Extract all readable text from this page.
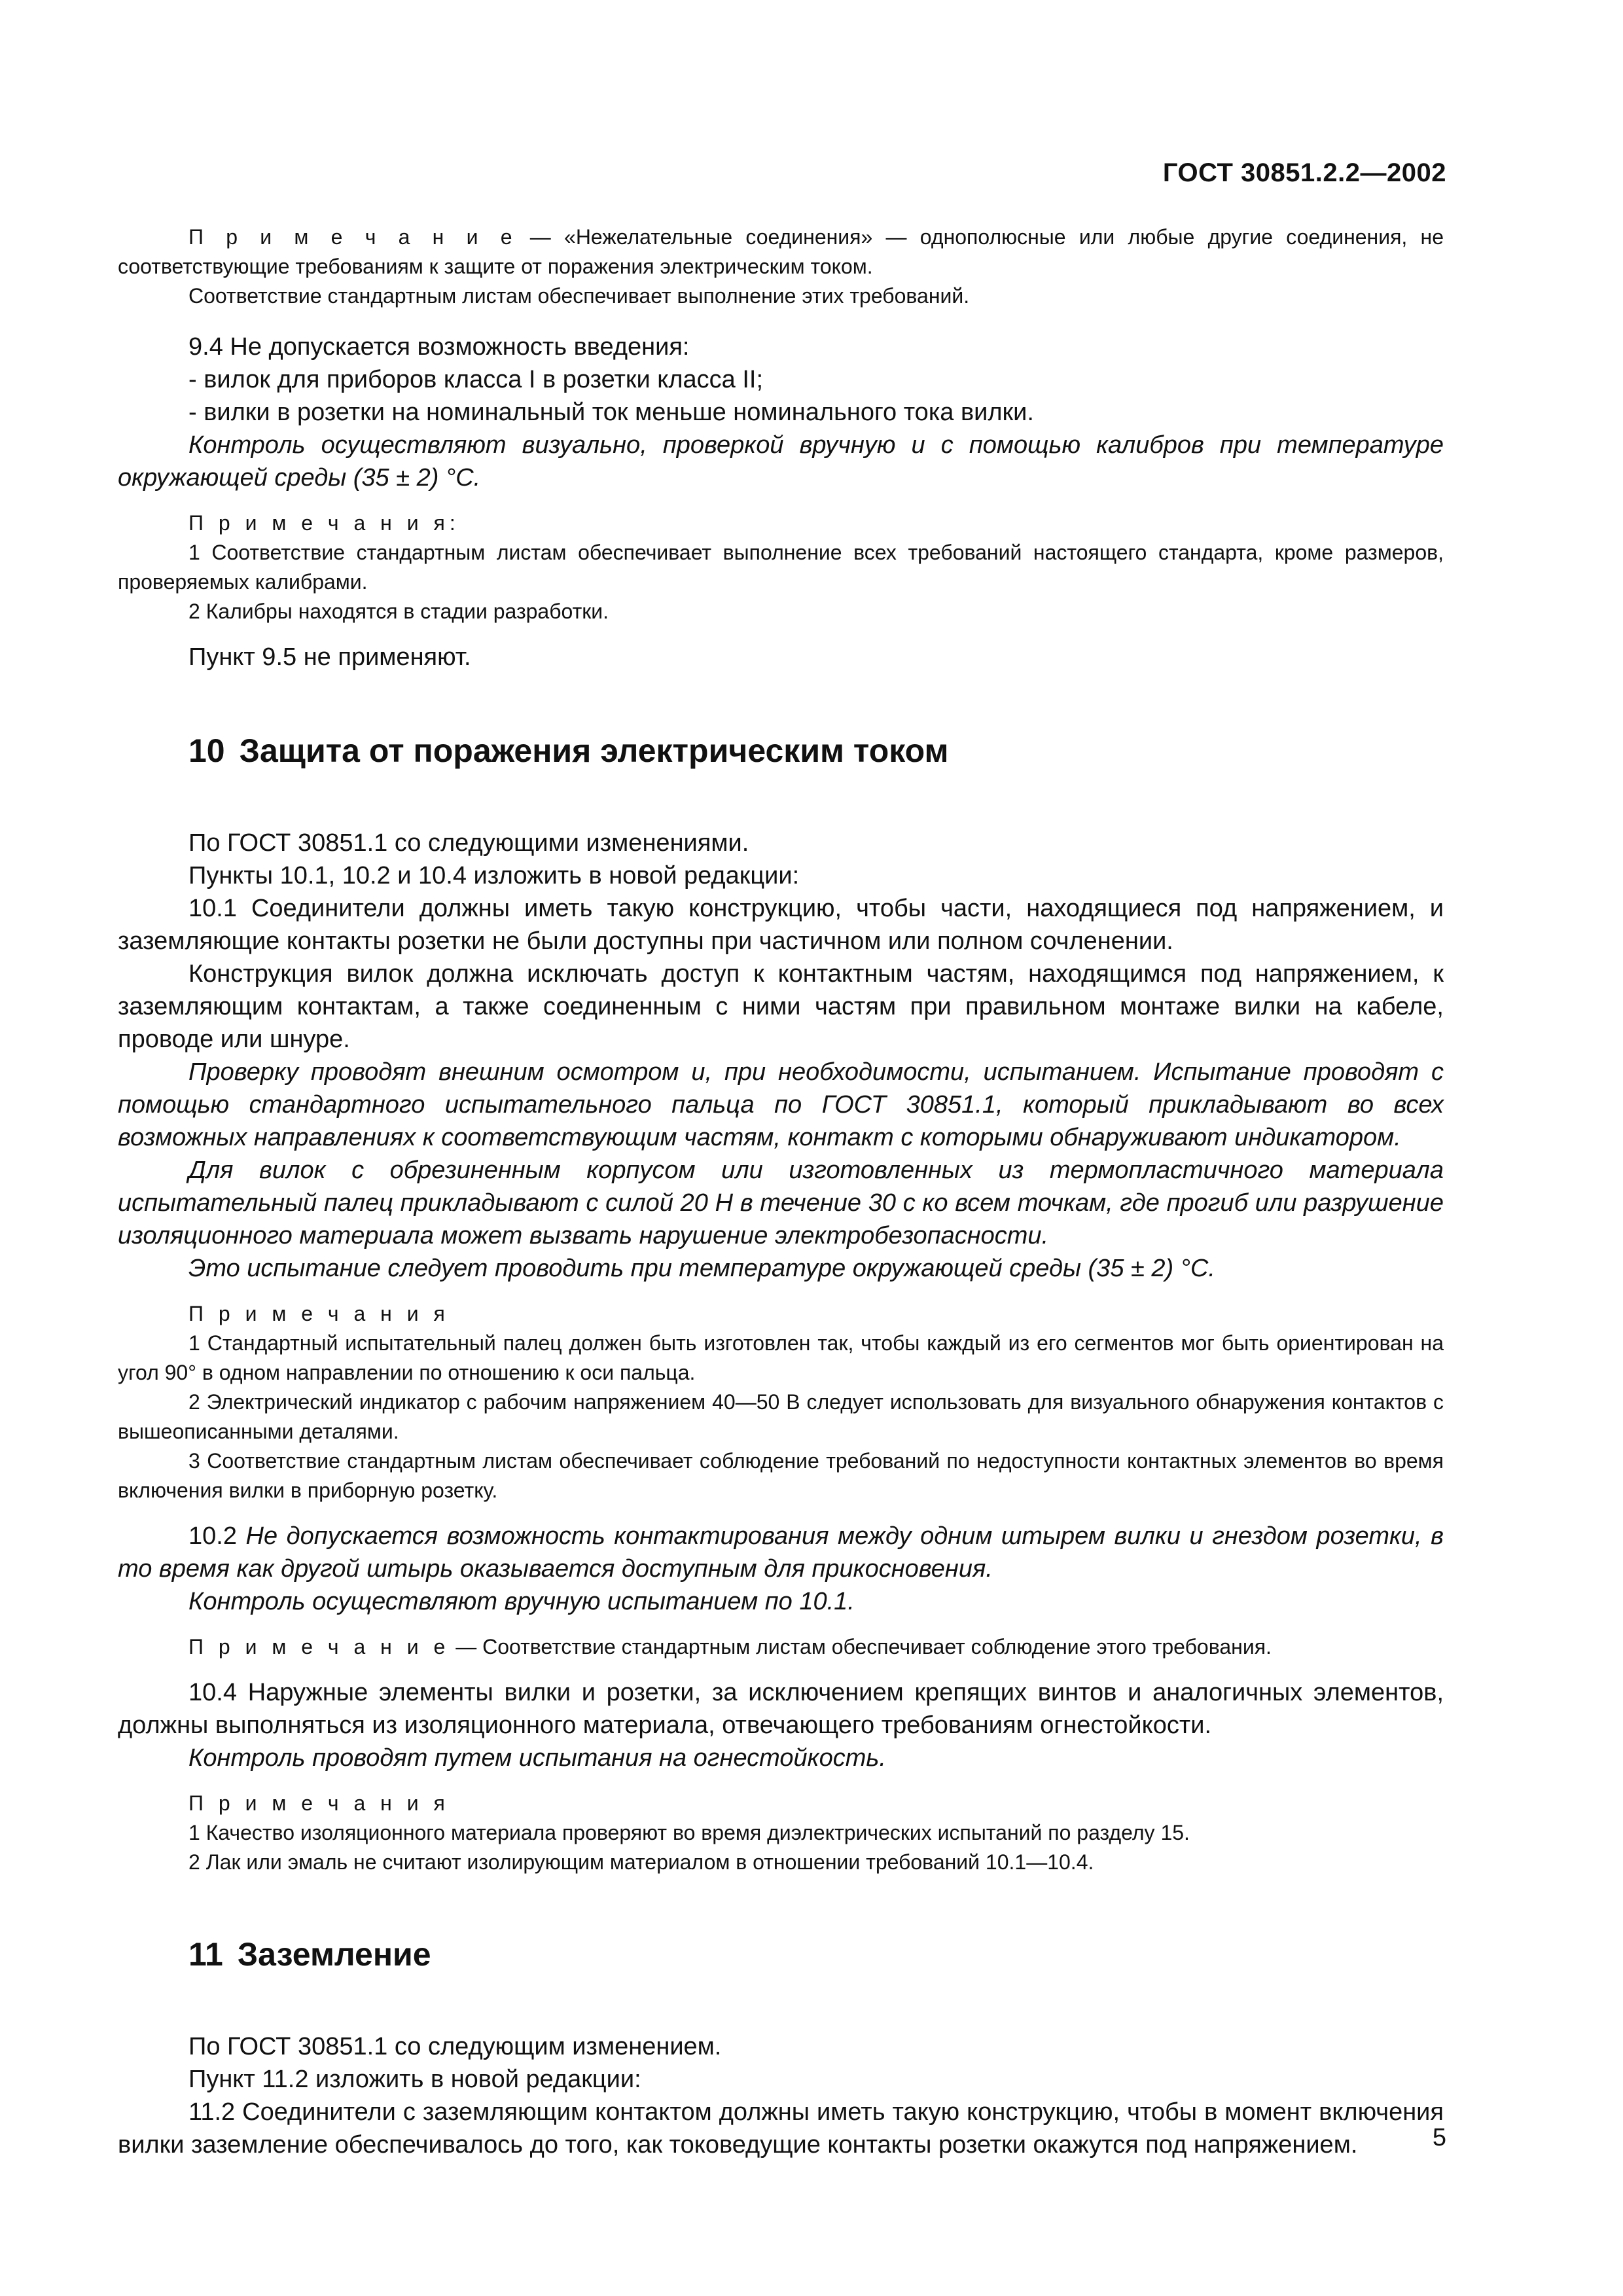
ГОСТ 30851.2.2—2002

П р и м е ч а н и е — «Нежелательные соединения» — однополюсные или любые другие соединения, не соответствующие требованиям к защите от поражения электрическим током.

Соответствие стандартным листам обеспечивает выполнение этих требований.

9.4 Не допускается возможность введения:

- вилок для приборов класса I в розетки класса II;

- вилки в розетки на номинальный ток меньше номинального тока вилки.

Контроль осуществляют визуально, проверкой вручную и с помощью калибров при температуре окружающей среды (35 ± 2) °С.

П р и м е ч а н и я:

1 Соответствие стандартным листам обеспечивает выполнение всех требований настоящего стандарта, кроме размеров, проверяемых калибрами.

2 Калибры находятся в стадии разработки.

Пункт 9.5 не применяют.

10 Защита от поражения электрическим током

По ГОСТ 30851.1 со следующими изменениями.

Пункты 10.1, 10.2 и 10.4 изложить в новой редакции:

10.1 Соединители должны иметь такую конструкцию, чтобы части, находящиеся под напряжением, и заземляющие контакты розетки не были доступны при частичном или полном сочленении.

Конструкция вилок должна исключать доступ к контактным частям, находящимся под напряжением, к заземляющим контактам, а также соединенным с ними частям при правильном монтаже вилки на кабеле, проводе или шнуре.

Проверку проводят внешним осмотром и, при необходимости, испытанием. Испытание проводят с помощью стандартного испытательного пальца по ГОСТ 30851.1, который прикладывают во всех возможных направлениях к соответствующим частям, контакт с которыми обнаруживают индикатором.

Для вилок с обрезиненным корпусом или изготовленных из термопластичного материала испытательный палец прикладывают с силой 20 Н в течение 30 с ко всем точкам, где прогиб или разрушение изоляционного материала может вызвать нарушение электробезопасности.

Это испытание следует проводить при температуре окружающей среды (35 ± 2) °С.

П р и м е ч а н и я

1 Стандартный испытательный палец должен быть изготовлен так, чтобы каждый из его сегментов мог быть ориентирован на угол 90° в одном направлении по отношению к оси пальца.

2 Электрический индикатор с рабочим напряжением 40—50 В следует использовать для визуального обнаружения контактов с вышеописанными деталями.

3 Соответствие стандартным листам обеспечивает соблюдение требований по недоступности контактных элементов во время включения вилки в приборную розетку.

10.2 Не допускается возможность контактирования между одним штырем вилки и гнездом розетки, в то время как другой штырь оказывается доступным для прикосновения.

Контроль осуществляют вручную испытанием по 10.1.

П р и м е ч а н и е — Соответствие стандартным листам обеспечивает соблюдение этого требования.

10.4 Наружные элементы вилки и розетки, за исключением крепящих винтов и аналогичных элементов, должны выполняться из изоляционного материала, отвечающего требованиям огнестойкости.

Контроль проводят путем испытания на огнестойкость.

П р и м е ч а н и я

1 Качество изоляционного материала проверяют во время диэлектрических испытаний по разделу 15.

2 Лак или эмаль не считают изолирующим материалом в отношении требований 10.1—10.4.

11 Заземление

По ГОСТ 30851.1 со следующим изменением.

Пункт 11.2 изложить в новой редакции:

11.2 Соединители с заземляющим контактом должны иметь такую конструкцию, чтобы в момент включения вилки заземление обеспечивалось до того, как токоведущие контакты розетки окажутся под напряжением.	5
